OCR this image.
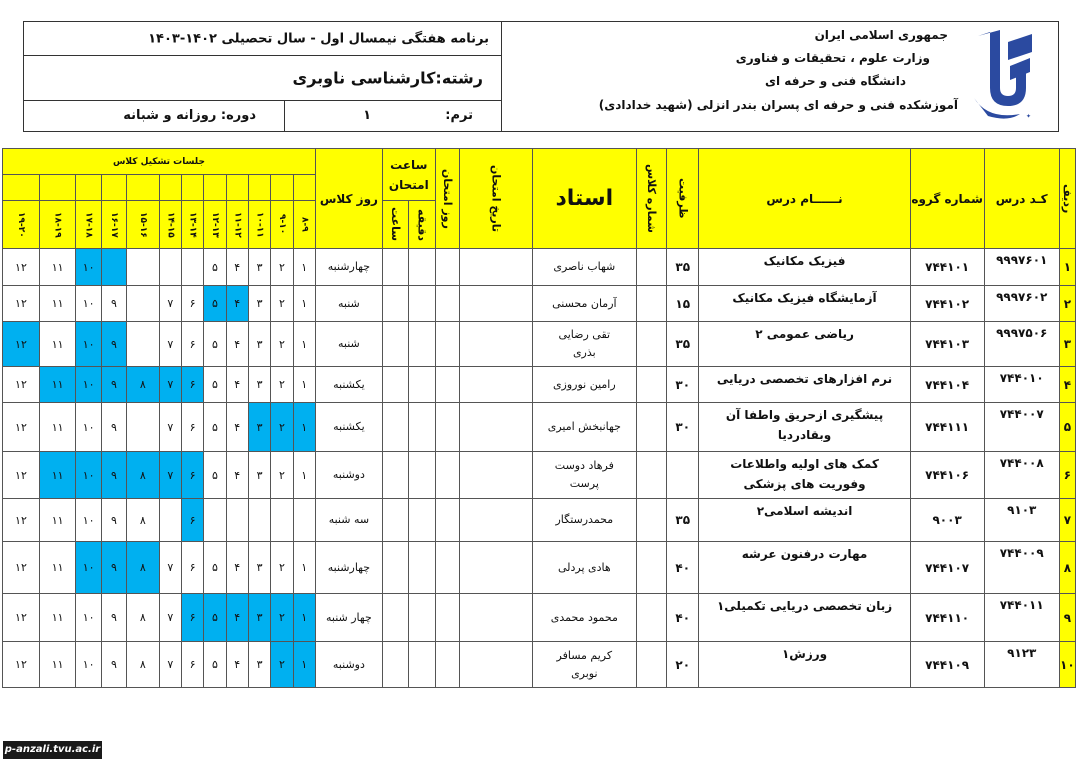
برنامه هفتگی نیمسال اول - سال تحصیلی ۱۴۰۲-۱۴۰۳
رشته:کارشناسی ناوبری
ترم:
۱
دوره: روزانه و شبانه
جمهوری اسلامی ایران
وزارت علوم ، تحقیقات و فناوری
دانشگاه فنی و حرفه ای
آموزشکده فنی و حرفه ای پسران بندر انزلی (شهید خدادادی)
✦
ردیف	کـد درس	شماره گروه	نــــــام درس	ظرفیت	شماره کلاس	استاد	تاریخ امتحان	روز امتحان	ساعت امتحان		روز کلاس	جلسات تشکیل کلاس											

									دقیقه	ساعت		۸-۹	۹-۱۰	۱۰-۱۱	۱۱-۱۲	۱۲-۱۳	۱۳-۱۴	۱۴-۱۵	۱۵-۱۶	۱۶-۱۷	۱۷-۱۸	۱۸-۱۹	۱۹-۲۰

۱	۹۹۹۷۶۰۱	۷۴۴۱۰۱	فیزیک مکانیک	۳۵		شهاب ناصری					چهارشنبه	۱	۲	۳	۴	۵					۱۰	۱۱	۱۲
۲	۹۹۹۷۶۰۲	۷۴۴۱۰۲	آزمایشگاه فیزیک مکانیک	۱۵		آرمان محسنی					شنبه	۱	۲	۳	۴	۵	۶	۷		۹	۱۰	۱۱	۱۲
۳	۹۹۹۷۵۰۶	۷۴۴۱۰۳	ریاضی عمومی ۲	۳۵		تقی رضایی بذری					شنبه	۱	۲	۳	۴	۵	۶	۷		۹	۱۰	۱۱	۱۲
۴	۷۴۴۰۱۰	۷۴۴۱۰۴	نرم افزارهای تخصصی دریایی	۳۰		رامین نوروزی					یکشنبه	۱	۲	۳	۴	۵	۶	۷	۸	۹	۱۰	۱۱	۱۲
۵	۷۴۴۰۰۷	۷۴۴۱۱۱	پیشگیری ازحریق واطفا آن وبقادردیا	۳۰		جهانبخش امیری					یکشنبه	۱	۲	۳	۴	۵	۶	۷		۹	۱۰	۱۱	۱۲
۶	۷۴۴۰۰۸	۷۴۴۱۰۶	کمک های اولیه واطلاعات وفوریت های پزشکی			فرهاد دوست پرست					دوشنبه	۱	۲	۳	۴	۵	۶	۷	۸	۹	۱۰	۱۱	۱۲
۷	۹۱۰۳	۹۰۰۳	اندیشه اسلامی۲	۳۵		محمدرستگار					سه شنبه						۶		۸	۹	۱۰	۱۱	۱۲
۸	۷۴۴۰۰۹	۷۴۴۱۰۷	مهارت درفنون عرشه	۴۰		هادی پردلی					چهارشنبه	۱	۲	۳	۴	۵	۶	۷	۸	۹	۱۰	۱۱	۱۲
۹	۷۴۴۰۱۱	۷۴۴۱۱۰	زبان تخصصی دریایی تکمیلی۱	۴۰		محمود محمدی					چهار شنبه	۱	۲	۳	۴	۵	۶	۷	۸	۹	۱۰	۱۱	۱۲
۱۰	۹۱۲۳	۷۴۴۱۰۹	ورزش۱	۲۰		کریم مسافر نوبری					دوشنبه	۱	۲	۳	۴	۵	۶	۷	۸	۹	۱۰	۱۱	۱۲
p-anzali.tvu.ac.ir
